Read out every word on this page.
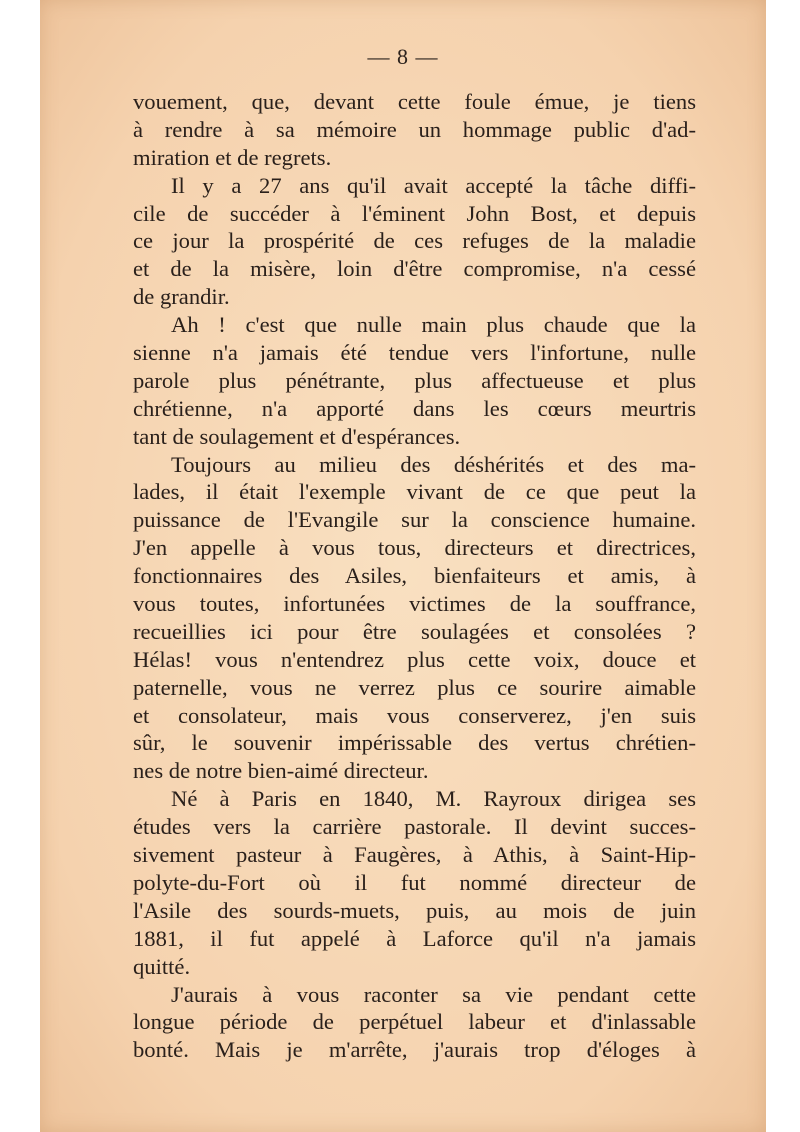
— 8 —
vouement, que, devant cette foule émue, je tiens
à rendre à sa mémoire un hommage public d'ad-
miration et de regrets.
Il y a 27 ans qu'il avait accepté la tâche diffi-
cile de succéder à l'éminent John Bost, et depuis
ce jour la prospérité de ces refuges de la maladie
et de la misère, loin d'être compromise, n'a cessé
de grandir.
Ah ! c'est que nulle main plus chaude que la
sienne n'a jamais été tendue vers l'infortune, nulle
parole plus pénétrante, plus affectueuse et plus
chrétienne, n'a apporté dans les cœurs meurtris
tant de soulagement et d'espérances.
Toujours au milieu des déshérités et des ma-
lades, il était l'exemple vivant de ce que peut la
puissance de l'Evangile sur la conscience humaine.
J'en appelle à vous tous, directeurs et directrices,
fonctionnaires des Asiles, bienfaiteurs et amis, à
vous toutes, infortunées victimes de la souffrance,
recueillies ici pour être soulagées et consolées ?
Hélas! vous n'entendrez plus cette voix, douce et
paternelle, vous ne verrez plus ce sourire aimable
et consolateur, mais vous conserverez, j'en suis
sûr, le souvenir impérissable des vertus chrétien-
nes de notre bien-aimé directeur.
Né à Paris en 1840, M. Rayroux dirigea ses
études vers la carrière pastorale. Il devint succes-
sivement pasteur à Faugères, à Athis, à Saint-Hip-
polyte-du-Fort où il fut nommé directeur de
l'Asile des sourds-muets, puis, au mois de juin
1881, il fut appelé à Laforce qu'il n'a jamais
quitté.
J'aurais à vous raconter sa vie pendant cette
longue période de perpétuel labeur et d'inlassable
bonté. Mais je m'arrête, j'aurais trop d'éloges à
